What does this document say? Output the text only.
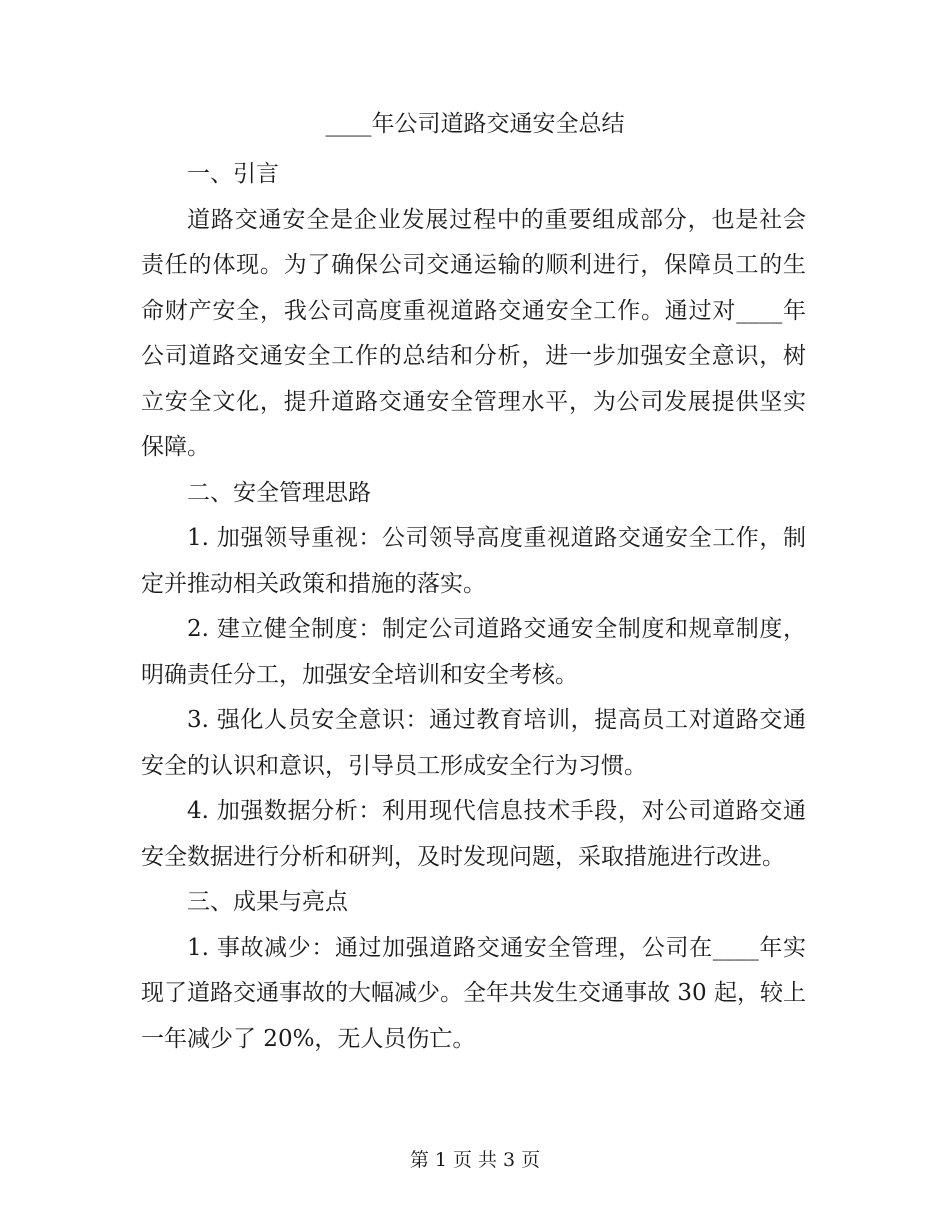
____年公司道路交通安全总结

一、引言

道路交通安全是企业发展过程中的重要组成部分，也是社会责任的体现。为了确保公司交通运输的顺利进行，保障员工的生命财产安全，我公司高度重视道路交通安全工作。通过对____年公司道路交通安全工作的总结和分析，进一步加强安全意识，树立安全文化，提升道路交通安全管理水平，为公司发展提供坚实保障。

二、安全管理思路

1. 加强领导重视：公司领导高度重视道路交通安全工作，制定并推动相关政策和措施的落实。

2. 建立健全制度：制定公司道路交通安全制度和规章制度，明确责任分工，加强安全培训和安全考核。

3. 强化人员安全意识：通过教育培训，提高员工对道路交通安全的认识和意识，引导员工形成安全行为习惯。

4. 加强数据分析：利用现代信息技术手段，对公司道路交通安全数据进行分析和研判，及时发现问题，采取措施进行改进。

三、成果与亮点

1. 事故减少：通过加强道路交通安全管理，公司在____年实现了道路交通事故的大幅减少。全年共发生交通事故 30 起，较上一年减少了 20%，无人员伤亡。

第 1 页 共 3 页
